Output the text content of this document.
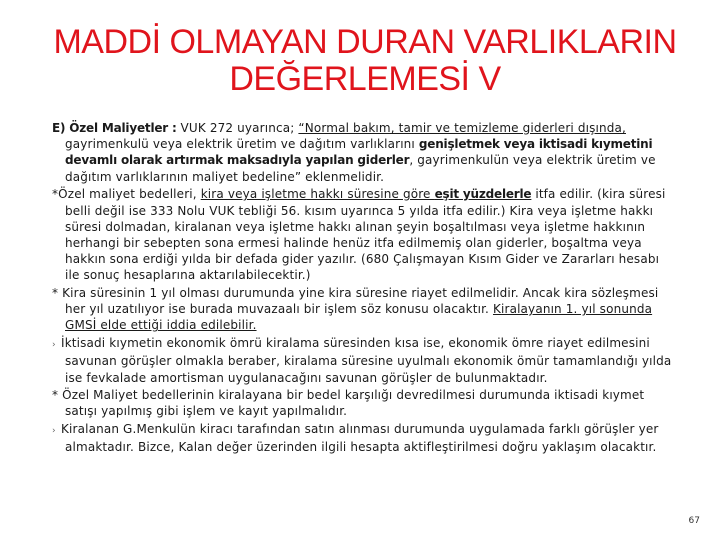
MADDİ OLMAYAN DURAN VARLIKLARIN
DEĞERLEMESİ V
E) Özel Maliyetler : VUK 272 uyarınca; “Normal bakım, tamir ve temizleme giderleri dışında,
gayrimenkulü veya elektrik üretim ve dağıtım varlıklarını genişletmek veya iktisadi kıymetini
devamlı olarak artırmak maksadıyla yapılan giderler, gayrimenkulün veya elektrik üretim ve
dağıtım varlıklarının maliyet bedeline” eklenmelidir.
*Özel maliyet bedelleri, kira veya işletme hakkı süresine göre eşit yüzdelerle itfa edilir. (kira süresi
belli değil ise 333 Nolu VUK tebliği 56. kısım uyarınca 5 yılda itfa edilir.) Kira veya işletme hakkı
süresi dolmadan, kiralanan veya işletme hakkı alınan şeyin boşaltılması veya işletme hakkının
herhangi bir sebepten sona ermesi halinde henüz itfa edilmemiş olan giderler, boşaltma veya
hakkın sona erdiği yılda bir defada gider yazılır. (680 Çalışmayan Kısım Gider ve Zararları hesabı
ile sonuç hesaplarına aktarılabilecektir.)
* Kira süresinin 1 yıl olması durumunda yine kira süresine riayet edilmelidir. Ancak kira sözleşmesi
her yıl uzatılıyor ise burada muvazaalı bir işlem söz konusu olacaktır. Kiralayanın 1. yıl sonunda
GMSİ elde ettiği iddia edilebilir.
› İktisadi kıymetin ekonomik ömrü kiralama süresinden kısa ise, ekonomik ömre riayet edilmesini
savunan görüşler olmakla beraber, kiralama süresine uyulmalı ekonomik ömür tamamlandığı yılda
ise fevkalade amortisman uygulanacağını savunan görüşler de bulunmaktadır.
* Özel Maliyet bedellerinin kiralayana bir bedel karşılığı devredilmesi durumunda iktisadi kıymet
satışı yapılmış gibi işlem ve kayıt yapılmalıdır.
› Kiralanan G.Menkulün kiracı tarafından satın alınması durumunda uygulamada farklı görüşler yer
almaktadır. Bizce, Kalan değer üzerinden ilgili hesapta aktifleştirilmesi doğru yaklaşım olacaktır.
67
